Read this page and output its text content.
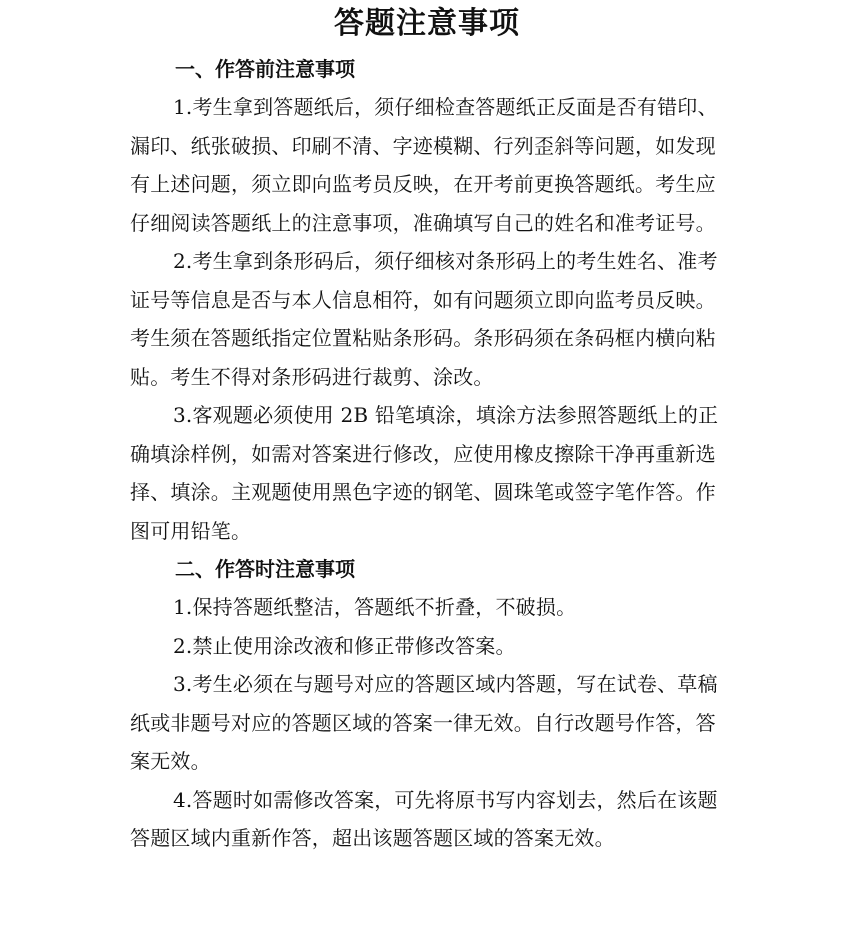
答题注意事项
一、作答前注意事项

1.考生拿到答题纸后，须仔细检查答题纸正反面是否有错印、漏印、纸张破损、印刷不清、字迹模糊、行列歪斜等问题，如发现有上述问题，须立即向监考员反映，在开考前更换答题纸。考生应仔细阅读答题纸上的注意事项，准确填写自己的姓名和准考证号。

2.考生拿到条形码后，须仔细核对条形码上的考生姓名、准考证号等信息是否与本人信息相符，如有问题须立即向监考员反映。考生须在答题纸指定位置粘贴条形码。条形码须在条码框内横向粘贴。考生不得对条形码进行裁剪、涂改。

3.客观题必须使用 2B 铅笔填涂，填涂方法参照答题纸上的正确填涂样例，如需对答案进行修改，应使用橡皮擦除干净再重新选择、填涂。主观题使用黑色字迹的钢笔、圆珠笔或签字笔作答。作图可用铅笔。

二、作答时注意事项

1.保持答题纸整洁，答题纸不折叠，不破损。

2.禁止使用涂改液和修正带修改答案。

3.考生必须在与题号对应的答题区域内答题，写在试卷、草稿纸或非题号对应的答题区域的答案一律无效。自行改题号作答，答案无效。

4.答题时如需修改答案，可先将原书写内容划去，然后在该题答题区域内重新作答，超出该题答题区域的答案无效。
